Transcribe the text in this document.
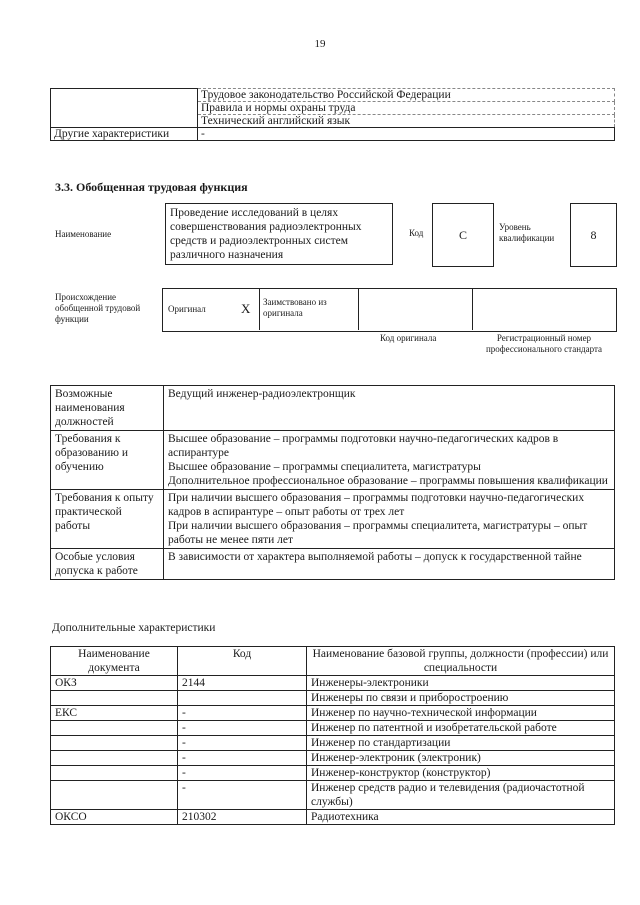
19
	Трудовое законодательство Российской Федерации
	Правила и нормы охраны труда
	Технический английский язык
Другие характеристики	-
3.3. Обобщенная трудовая функция
Наименование
Проведение исследований в целях совершенствования радиоэлектронных средств и радиоэлектронных систем различного назначения
Код	C
Уровень квалификации	8
Происхождение обобщенной трудовой функции
Оригинал	X Заимствовано из оригинала
Код оригинала	Регистрационный номер профессионального стандарта
Возможные наименования должностей	Ведущий инженер-радиоэлектронщик

Требования к образованию и обучению	Высшее образование – программы подготовки научно-педагогических кадров в аспирантуре
Высшее образование – программы специалитета, магистратуры
Дополнительное профессиональное образование – программы повышения квалификации

Требования к опыту практической работы	При наличии высшего образования – программы подготовки научно-педагогических кадров в аспирантуре – опыт работы от трех лет
При наличии высшего образования – программы специалитета, магистратуры – опыт работы не менее пяти лет

Особые условия допуска к работе	В зависимости от характера выполняемой работы – допуск к государственной тайне
Дополнительные характеристики
Наименование документа	Код	Наименование базовой группы, должности (профессии) или специальности
ОКЗ	2144	Инженеры-электроники
		Инженеры по связи и приборостроению
ЕКС	-	Инженер по научно-технической информации
	-	Инженер по патентной и изобретательской работе
	-	Инженер по стандартизации
	-	Инженер-электроник (электроник)
	-	Инженер-конструктор (конструктор)
	-	Инженер средств радио и телевидения (радиочастотной службы)
ОКСО	210302	Радиотехника
